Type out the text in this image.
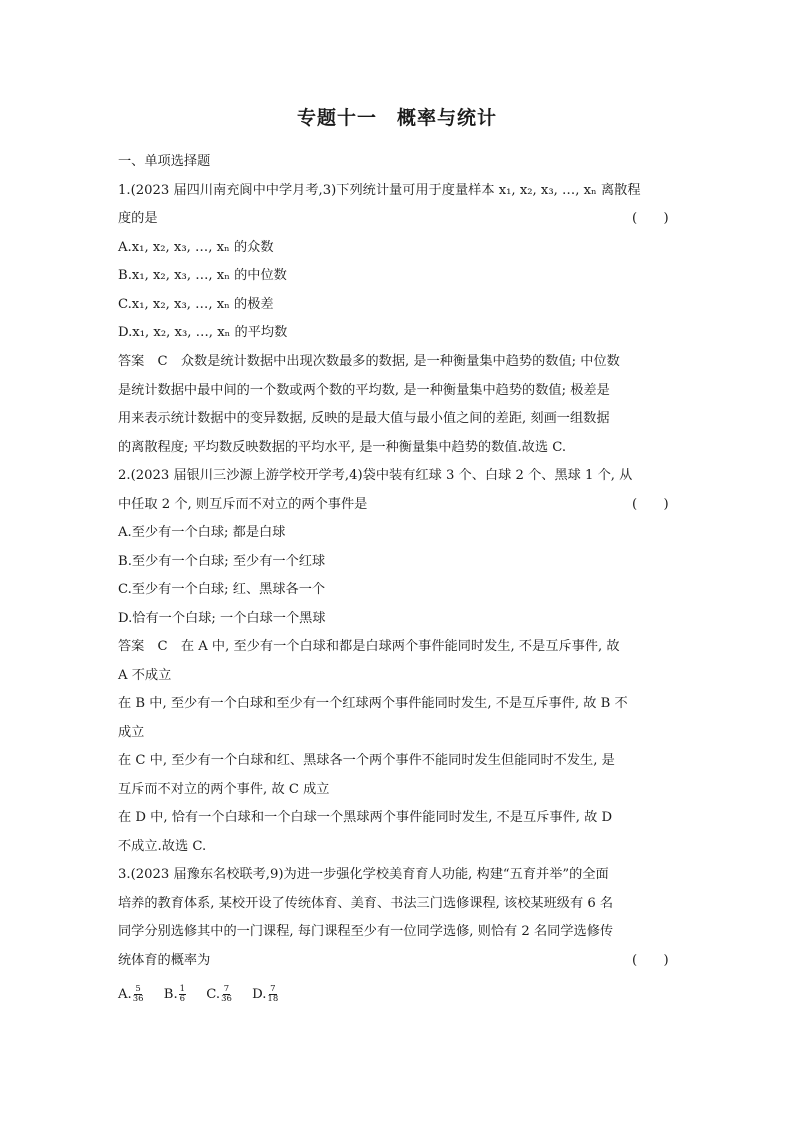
专题十一　概率与统计
一、单项选择题
1.(2023 届四川南充阆中中学月考,3)下列统计量可用于度量样本 x₁, x₂, x₃, …, xₙ 离散程
度的是	(　　)
A.x₁, x₂, x₃, …, xₙ 的众数
B.x₁, x₂, x₃, …, xₙ 的中位数
C.x₁, x₂, x₃, …, xₙ 的极差
D.x₁, x₂, x₃, …, xₙ 的平均数
答案　C　众数是统计数据中出现次数最多的数据, 是一种衡量集中趋势的数值; 中位数
是统计数据中最中间的一个数或两个数的平均数, 是一种衡量集中趋势的数值; 极差是
用来表示统计数据中的变异数据, 反映的是最大值与最小值之间的差距, 刻画一组数据
的离散程度; 平均数反映数据的平均水平, 是一种衡量集中趋势的数值.故选 C.
2.(2023 届银川三沙源上游学校开学考,4)袋中装有红球 3 个、白球 2 个、黑球 1 个, 从
中任取 2 个, 则互斥而不对立的两个事件是	(　　)
A.至少有一个白球; 都是白球
B.至少有一个白球; 至少有一个红球
C.至少有一个白球; 红、黑球各一个
D.恰有一个白球; 一个白球一个黑球
答案　C　在 A 中, 至少有一个白球和都是白球两个事件能同时发生, 不是互斥事件, 故
A 不成立
在 B 中, 至少有一个白球和至少有一个红球两个事件能同时发生, 不是互斥事件, 故 B 不
成立
在 C 中, 至少有一个白球和红、黑球各一个两个事件不能同时发生但能同时不发生, 是
互斥而不对立的两个事件, 故 C 成立
在 D 中, 恰有一个白球和一个白球一个黑球两个事件能同时发生, 不是互斥事件, 故 D
不成立.故选 C.
3.(2023 届豫东名校联考,9)为进一步强化学校美育育人功能, 构建“五育并举”的全面
培养的教育体系, 某校开设了传统体育、美育、书法三门选修课程, 该校某班级有 6 名
同学分别选修其中的一门课程, 每门课程至少有一位同学选修, 则恰有 2 名同学选修传
统体育的概率为	(　　)
A. $\frac{5}{36} B$. $\frac{1}{6} C$. $\frac{7}{36} D$. $\frac{7}{18}$
